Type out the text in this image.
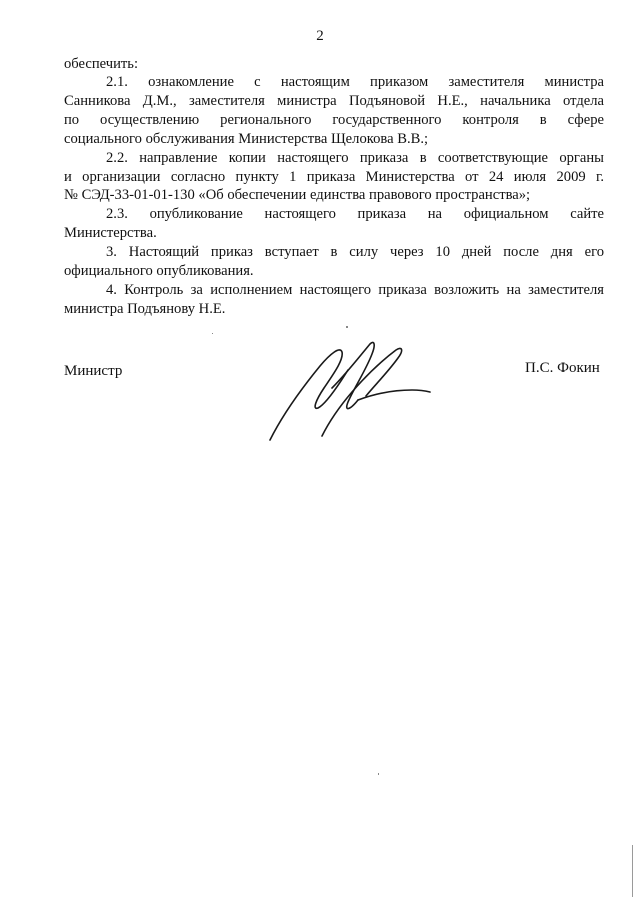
2
обеспечить:
2.1. ознакомление с настоящим приказом заместителя министра
Санникова Д.М., заместителя министра Подъяновой Н.Е., начальника отдела
по осуществлению регионального государственного контроля в сфере
социального обслуживания Министерства Щелокова В.В.;
2.2. направление копии настоящего приказа в соответствующие органы
и организации согласно пункту 1 приказа Министерства от 24 июля 2009 г.
№ СЭД-33-01-01-130 «Об обеспечении единства правового пространства»;
2.3. опубликование настоящего приказа на официальном сайте
Министерства.
3. Настоящий приказ вступает в силу через 10 дней после дня его
официального опубликования.
4. Контроль за исполнением настоящего приказа возложить на заместителя
министра Подъянову Н.Е.
Министр	П.С. Фокин
